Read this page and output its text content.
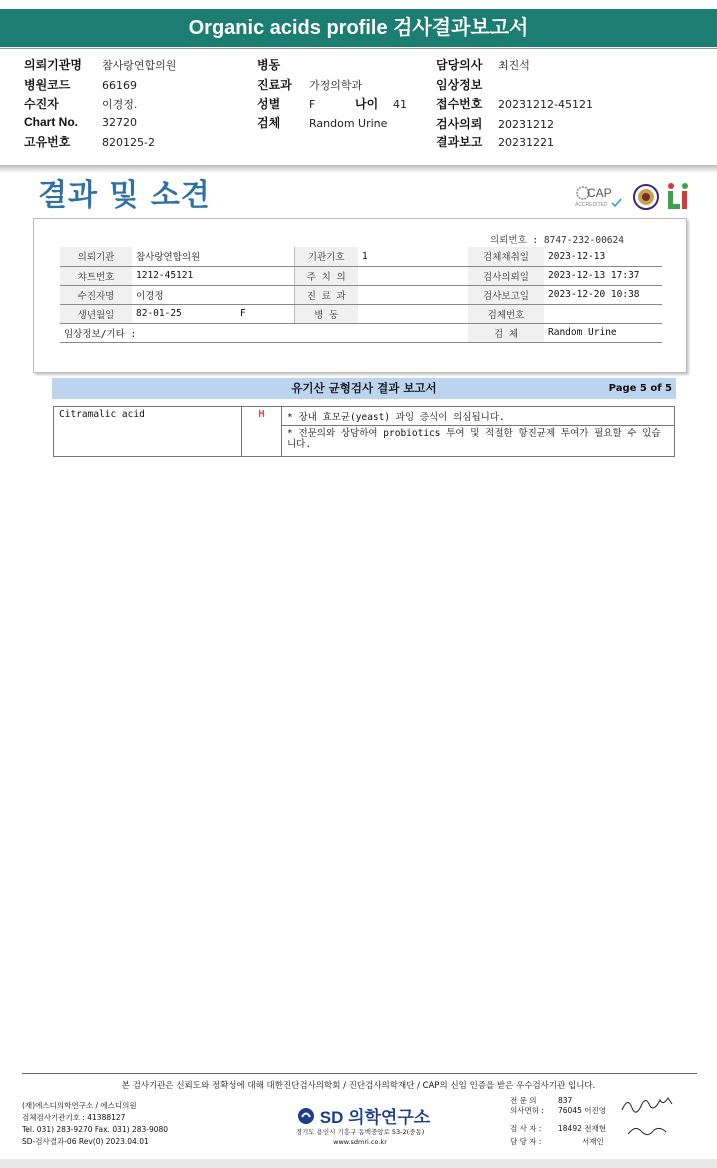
Organic acids profile 검사결과보고서
의뢰기관명 참사랑연합의원
병원코드	66169
수진자	이경정.
Chart No. 32720
고유번호	820125-2
병동
진료과 가정의학과
성별	F	나이 41
검체	Random Urine
담당의사 최진석
임상정보
접수번호 20231212-45121
검사의뢰 20231212
결과보고 20231221
결과 및 소견	CAP
ACCREDITED
의뢰번호 : 8747-232-00624
의뢰기관	참사랑연합의원		기관기호	1	검체채취일	2023-12-13
챠트번호	1212-45121		주 치 의		검사의뢰일	2023-12-13 17:37
수진자명	이경정		진 료 과		검사보고일	2023-12-20 10:38
생년월일	82-01-25	F	병 동		검체번호	
임상정보/기타 :					검 체	Random Urine
유기산 균형검사 결과 보고서	Page 5 of 5
Citramalic acid	H	* 장내 효모균(yeast) 과잉 증식이 의심됩니다.
* 전문의와 상담하여 probiotics 투여 및 적절한 항진균제 투여가 필요할 수 있습니다.
본 검사기관은 신뢰도와 정확성에 대해 대한진단검사의학회 / 진단검사의학재단 / CAP의 신임 인증을 받은 우수검사기관 입니다.
(재)에스디의학연구소 / 에스디의원
검체검사기관기호 : 41388127
Tel. 031) 283-9270 Fax. 031) 283-9080
SD-검사결과-06 Rev(0) 2023.04.01
SD 의학연구소
경기도 용인시 기흥구 동백중앙로 53-2(중동)
www.sdmri.co.kr
전 문 의	837
의사면허 : 76045 이진영
검 사 자 : 18492 전재현
담 당 자 :	서재인
